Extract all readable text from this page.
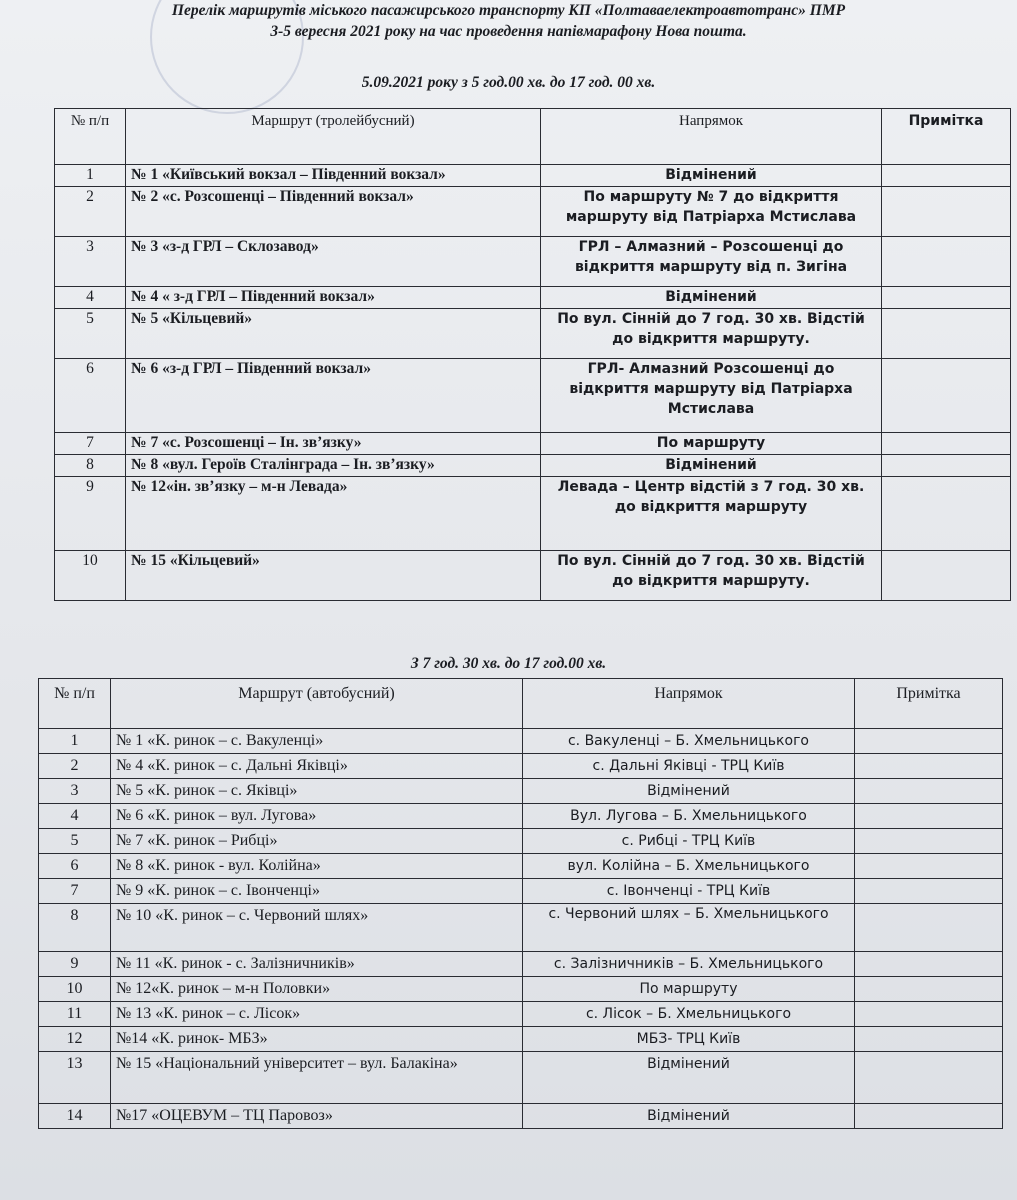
Перелік маршрутів міського пасажирського транспорту КП «Полтаваелектроавтотранс» ПМР
3-5 вересня 2021 року на час проведення напівмарафону Нова пошта.
5.09.2021 року з 5 год.00 хв. до 17 год. 00 хв.
№ п/п	Маршрут (тролейбусний)	Напрямок	Примітка
1	№ 1 «Київський вокзал – Південний вокзал»	Відмінений	
2	№ 2 «с. Розсошенці – Південний вокзал»	По маршруту № 7 до відкриття маршруту від Патріарха Мстислава	
3	№ 3 «з-д ГРЛ – Склозавод»	ГРЛ – Алмазний – Розсошенці до відкриття маршруту від п. Зигіна	
4	№ 4 « з-д ГРЛ – Південний вокзал»	Відмінений	
5	№ 5 «Кільцевий»	По вул. Сінній до 7 год. 30 хв. Відстій до відкриття маршруту.	
6	№ 6 «з-д ГРЛ – Південний вокзал»	ГРЛ- Алмазний Розсошенці до відкриття маршруту від Патріарха Мстислава	
7	№ 7 «с. Розсошенці – Ін. зв’язку»	По маршруту	
8	№ 8 «вул. Героїв Сталінграда – Ін. зв’язку»	Відмінений	
9	№ 12«ін. зв’язку – м-н Левада»	Левада – Центр відстій з 7 год. 30 хв. до відкриття маршруту	
10	№ 15 «Кільцевий»	По вул. Сінній до 7 год. 30 хв. Відстій до відкриття маршруту.	
З 7 год. 30 хв. до 17 год.00 хв.
№ п/п	Маршрут (автобусний)	Напрямок	Примітка
1	№ 1 «К. ринок – с. Вакуленці»	с. Вакуленці – Б. Хмельницького	
2	№ 4 «К. ринок – с. Дальні Яківці»	с. Дальні Яківці - ТРЦ Київ	
3	№ 5 «К. ринок – с. Яківці»	Відмінений	
4	№ 6 «К. ринок – вул. Лугова»	Вул. Лугова – Б. Хмельницького	
5	№ 7 «К. ринок – Рибці»	с. Рибці - ТРЦ Київ	
6	№ 8 «К. ринок - вул. Колійна»	вул. Колійна – Б. Хмельницького	
7	№ 9 «К. ринок – с. Івонченці»	с. Івонченці - ТРЦ Київ	
8	№ 10 «К. ринок – с. Червоний шлях»	с. Червоний шлях – Б. Хмельницького	
9	№ 11 «К. ринок - с. Залізничників»	с. Залізничників – Б. Хмельницького	
10	№ 12«К. ринок – м-н Половки»	По маршруту	
11	№ 13 «К. ринок – с. Лісок»	с. Лісок – Б. Хмельницького	
12	№14 «К. ринок- МБЗ»	МБЗ- ТРЦ Київ	
13	№ 15 «Національний університет – вул. Балакіна»	Відмінений	
14	№17 «ОЦЕВУМ – ТЦ Паровоз»	Відмінений	
